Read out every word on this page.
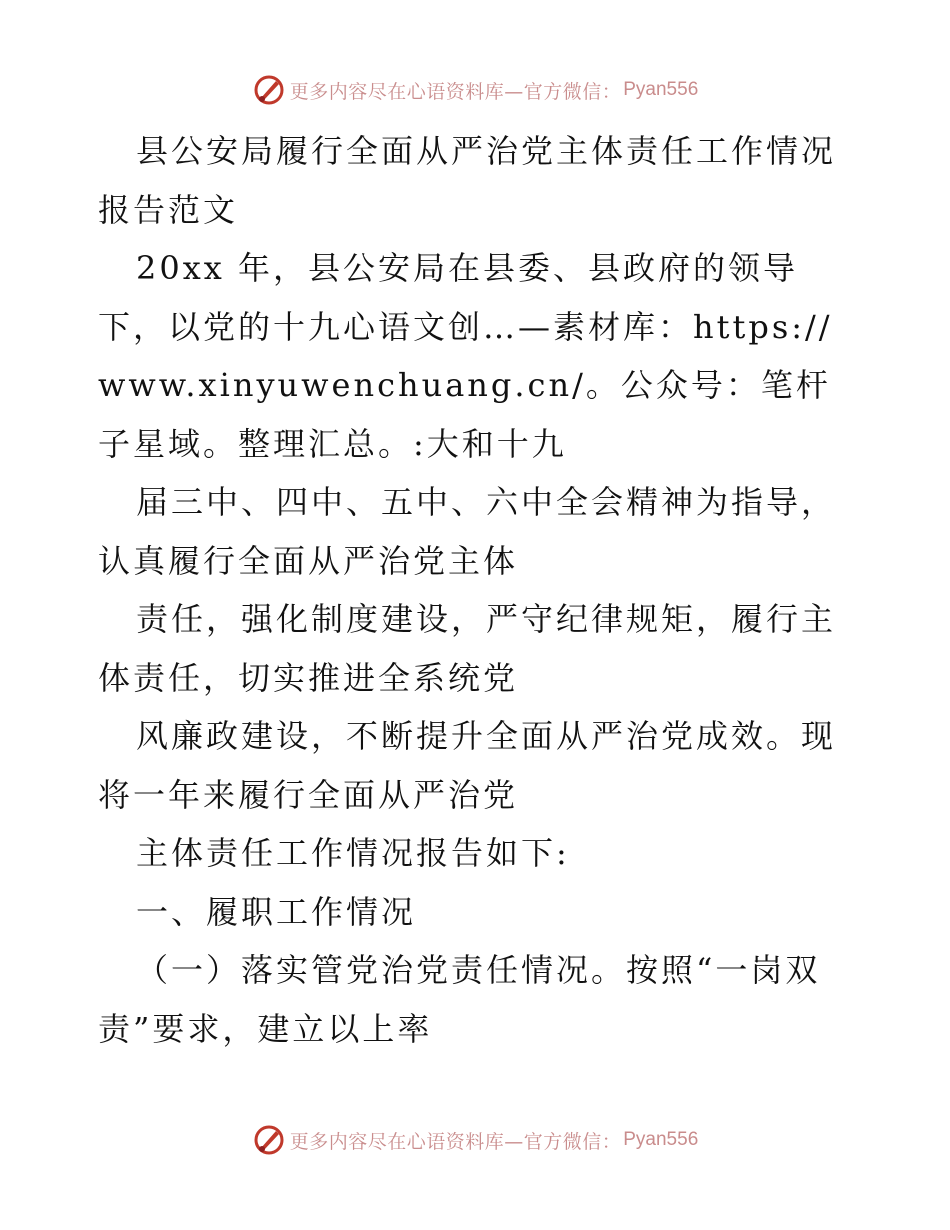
更多内容尽在心语资料库—官方微信： Pyan556

县公安局履行全面从严治党主体责任工作情况报告范文

20xx 年，县公安局在县委、县政府的领导下，以党的十九心语文创…—素材库：https://www.xinyuwenchuang.cn/。公众号：笔杆子星域。整理汇总。:大和十九

届三中、四中、五中、六中全会精神为指导，认真履行全面从严治党主体

责任，强化制度建设，严守纪律规矩，履行主体责任，切实推进全系统党

风廉政建设，不断提升全面从严治党成效。现将一年来履行全面从严治党

主体责任工作情况报告如下:

一、履职工作情况

（一）落实管党治党责任情况。按照“一岗双责”要求，建立以上率

更多内容尽在心语资料库—官方微信： Pyan556
